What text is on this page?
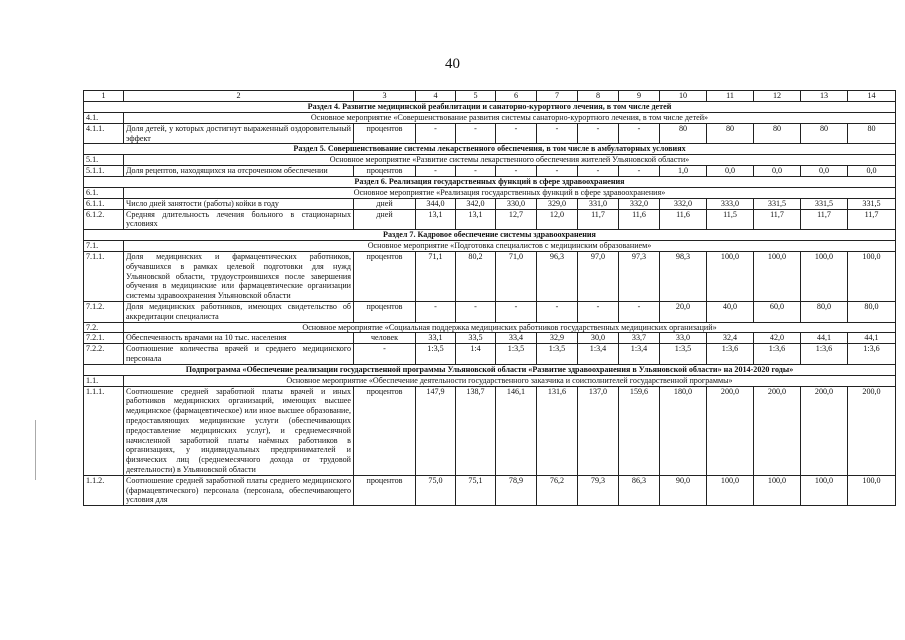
40
1	2	3	4	5	6	7	8	9	10	11	12	13	14
Раздел 4. Развитие медицинской реабилитации и санаторно-курортного лечения, в том числе детей													
4.1.	Основное мероприятие «Совершенствование развития системы санаторно-курортного лечения, в том числе детей»												
4.1.1.	Доля детей, у которых достигнут выраженный оздоровительный эффект	процентов	-	-	-	-	-	-	80	80	80	80	80
Раздел 5. Совершенствование системы лекарственного обеспечения, в том числе в амбулаторных условиях													
5.1.	Основное мероприятие «Развитие системы лекарственного обеспечения жителей Ульяновской области»												
5.1.1.	Доля рецептов, находящихся на отсроченном обеспечении	процентов	-	-	-	-	-	-	1,0	0,0	0,0	0,0	0,0
Раздел 6. Реализация государственных функций в сфере здравоохранения													
6.1.	Основное мероприятие «Реализация государственных функций в сфере здравоохранения»												
6.1.1.	Число дней занятости (работы) койки в году	дней	344,0	342,0	330,0	329,0	331,0	332,0	332,0	333,0	331,5	331,5	331,5
6.1.2.	Средняя длительность лечения больного в стационарных условиях	дней	13,1	13,1	12,7	12,0	11,7	11,6	11,6	11,5	11,7	11,7	11,7
Раздел 7. Кадровое обеспечение системы здравоохранения													
7.1.	Основное мероприятие «Подготовка специалистов с медицинским образованием»												
7.1.1.	Доля медицинских и фармацевтических работников, обучавшихся в рамках целевой подготовки для нужд Ульяновской области, трудоустроившихся после завершения обучения в медицинские или фармацевтические организации системы здравоохранения Ульяновской области	процентов	71,1	80,2	71,0	96,3	97,0	97,3	98,3	100,0	100,0	100,0	100,0
7.1.2.	Доля медицинских работников, имеющих свидетельство об аккредитации специалиста	процентов	-	-	-	-	-	-	20,0	40,0	60,0	80,0	80,0
7.2.	Основное мероприятие «Социальная поддержка медицинских работников государственных медицинских организаций»												
7.2.1.	Обеспеченность врачами на 10 тыс. населения	человек	33,1	33,5	33,4	32,9	30,0	33,7	33,0	32,4	42,0	44,1	44,1
7.2.2.	Соотношение количества врачей и среднего медицинского персонала	-	1:3,5	1:4	1:3,5	1:3,5	1:3,4	1:3,4	1:3,5	1:3,6	1:3,6	1:3,6	1:3,6
Подпрограмма «Обеспечение реализации государственной программы Ульяновской области «Развитие здравоохранения в Ульяновской области» на 2014-2020 годы»													
1.1.	Основное мероприятие «Обеспечение деятельности государственного заказчика и соисполнителей государственной программы»												
1.1.1.	Соотношение средней заработной платы врачей и иных работников медицинских организаций, имеющих высшее медицинское (фармацевтическое) или иное высшее образование, предоставляющих медицинские услуги (обеспечивающих предоставление медицинских услуг), и среднемесячной начисленной заработной платы наёмных работников в организациях, у индивидуальных предпринимателей и физических лиц (среднемесячного дохода от трудовой деятельности) в Ульяновской области	процентов	147,9	138,7	146,1	131,6	137,0	159,6	180,0	200,0	200,0	200,0	200,0
1.1.2.	Соотношение средней заработной платы среднего медицинского (фармацевтического) персонала (персонала, обеспечивающего условия для	процентов	75,0	75,1	78,9	76,2	79,3	86,3	90,0	100,0	100,0	100,0	100,0
